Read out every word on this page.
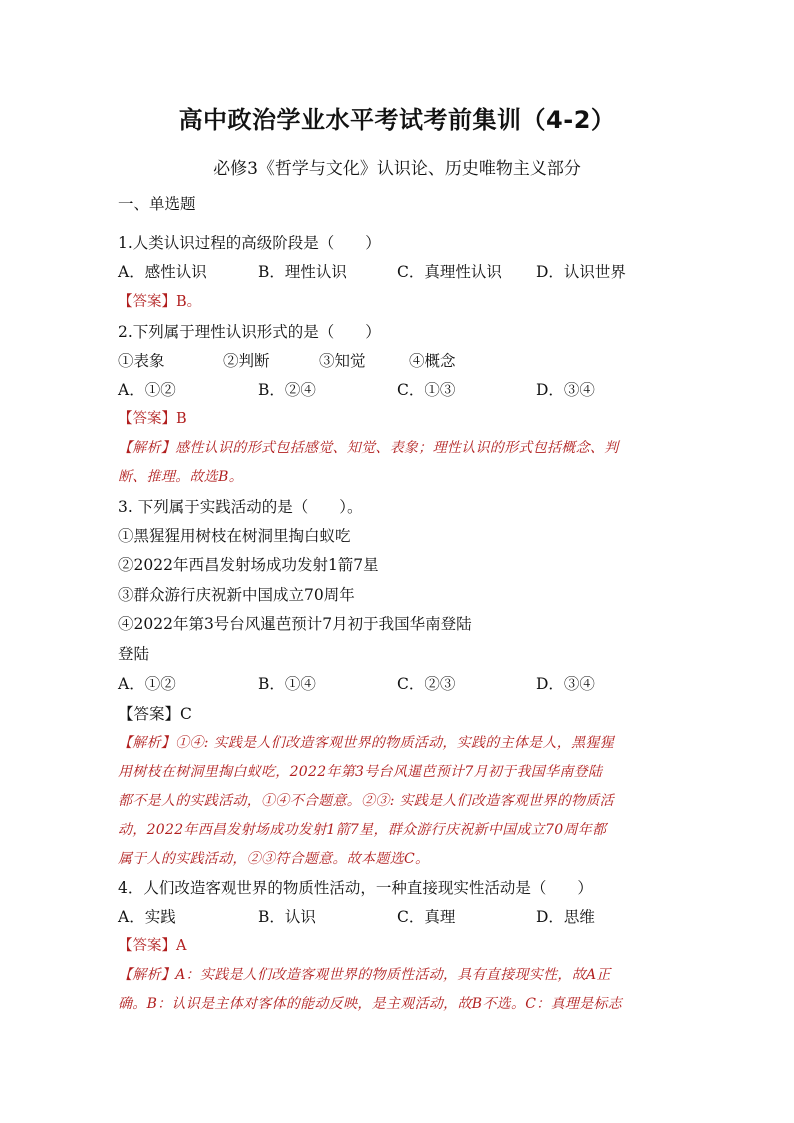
高中政治学业水平考试考前集训（4-2）
必修3《哲学与文化》认识论、历史唯物主义部分
一、单选题
1.人类认识过程的高级阶段是（　　）
A．感性认识	B．理性认识	C．真理性认识 D．认识世界
【答案】B。
2.下列属于理性认识形式的是（　　）
①表象	②判断	③知觉	④概念
A．①②	B．②④	C．①③	D．③④
【答案】B
【解析】感性认识的形式包括感觉、知觉、表象；理性认识的形式包括概念、判
断、推理。故选B。
3. 下列属于实践活动的是（　　）。
①黑猩猩用树枝在树洞里掏白蚁吃
②2022年西昌发射场成功发射1箭7星
③群众游行庆祝新中国成立70周年
④2022年第3号台风暹芭预计7月初于我国华南登陆
登陆
A．①②	B．①④	C．②③	D．③④
【答案】C
【解析】①④: 实践是人们改造客观世界的物质活动，实践的主体是人，黑猩猩
用树枝在树洞里掏白蚁吃，2022年第3号台风暹芭预计7月初于我国华南登陆
都不是人的实践活动，①④不合题意。②③: 实践是人们改造客观世界的物质活
动，2022年西昌发射场成功发射1箭7星，群众游行庆祝新中国成立70周年都
属于人的实践活动，②③符合题意。故本题选C。
4．人们改造客观世界的物质性活动，一种直接现实性活动是（　　）
A．实践	B．认识	C．真理	D．思维
【答案】A
【解析】A：实践是人们改造客观世界的物质性活动，具有直接现实性，故A正
确。B：认识是主体对客体的能动反映，是主观活动，故B不选。C：真理是标志
